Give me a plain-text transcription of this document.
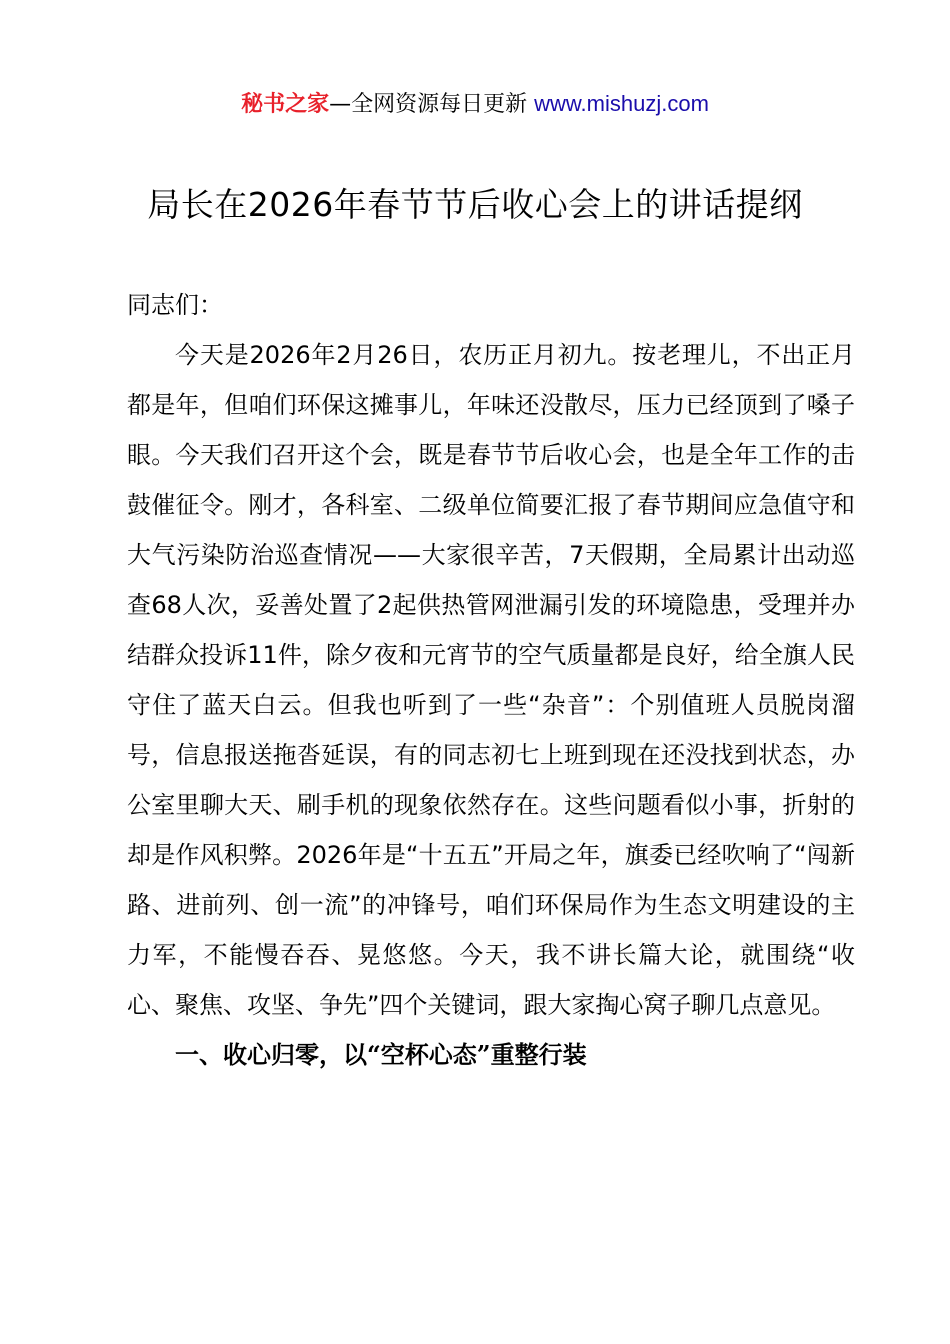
秘书之家—全网资源每日更新 www.mishuzj.com
局长在2026年春节节后收心会上的讲话提纲

同志们：

今天是2026年2月26日，农历正月初九。按老理儿，不出正月都是年，但咱们环保这摊事儿，年味还没散尽，压力已经顶到了嗓子眼。今天我们召开这个会，既是春节节后收心会，也是全年工作的击鼓催征令。刚才，各科室、二级单位简要汇报了春节期间应急值守和大气污染防治巡查情况——大家很辛苦，7天假期，全局累计出动巡查68人次，妥善处置了2起供热管网泄漏引发的环境隐患，受理并办结群众投诉11件，除夕夜和元宵节的空气质量都是良好，给全旗人民守住了蓝天白云。但我也听到了一些“杂音”：个别值班人员脱岗溜号，信息报送拖沓延误，有的同志初七上班到现在还没找到状态，办公室里聊大天、刷手机的现象依然存在。这些问题看似小事，折射的却是作风积弊。2026年是“十五五”开局之年，旗委已经吹响了“闯新路、进前列、创一流”的冲锋号，咱们环保局作为生态文明建设的主力军，不能慢吞吞、晃悠悠。今天，我不讲长篇大论，就围绕“收心、聚焦、攻坚、争先”四个关键词，跟大家掏心窝子聊几点意见。

一、收心归零，以“空杯心态”重整行装
